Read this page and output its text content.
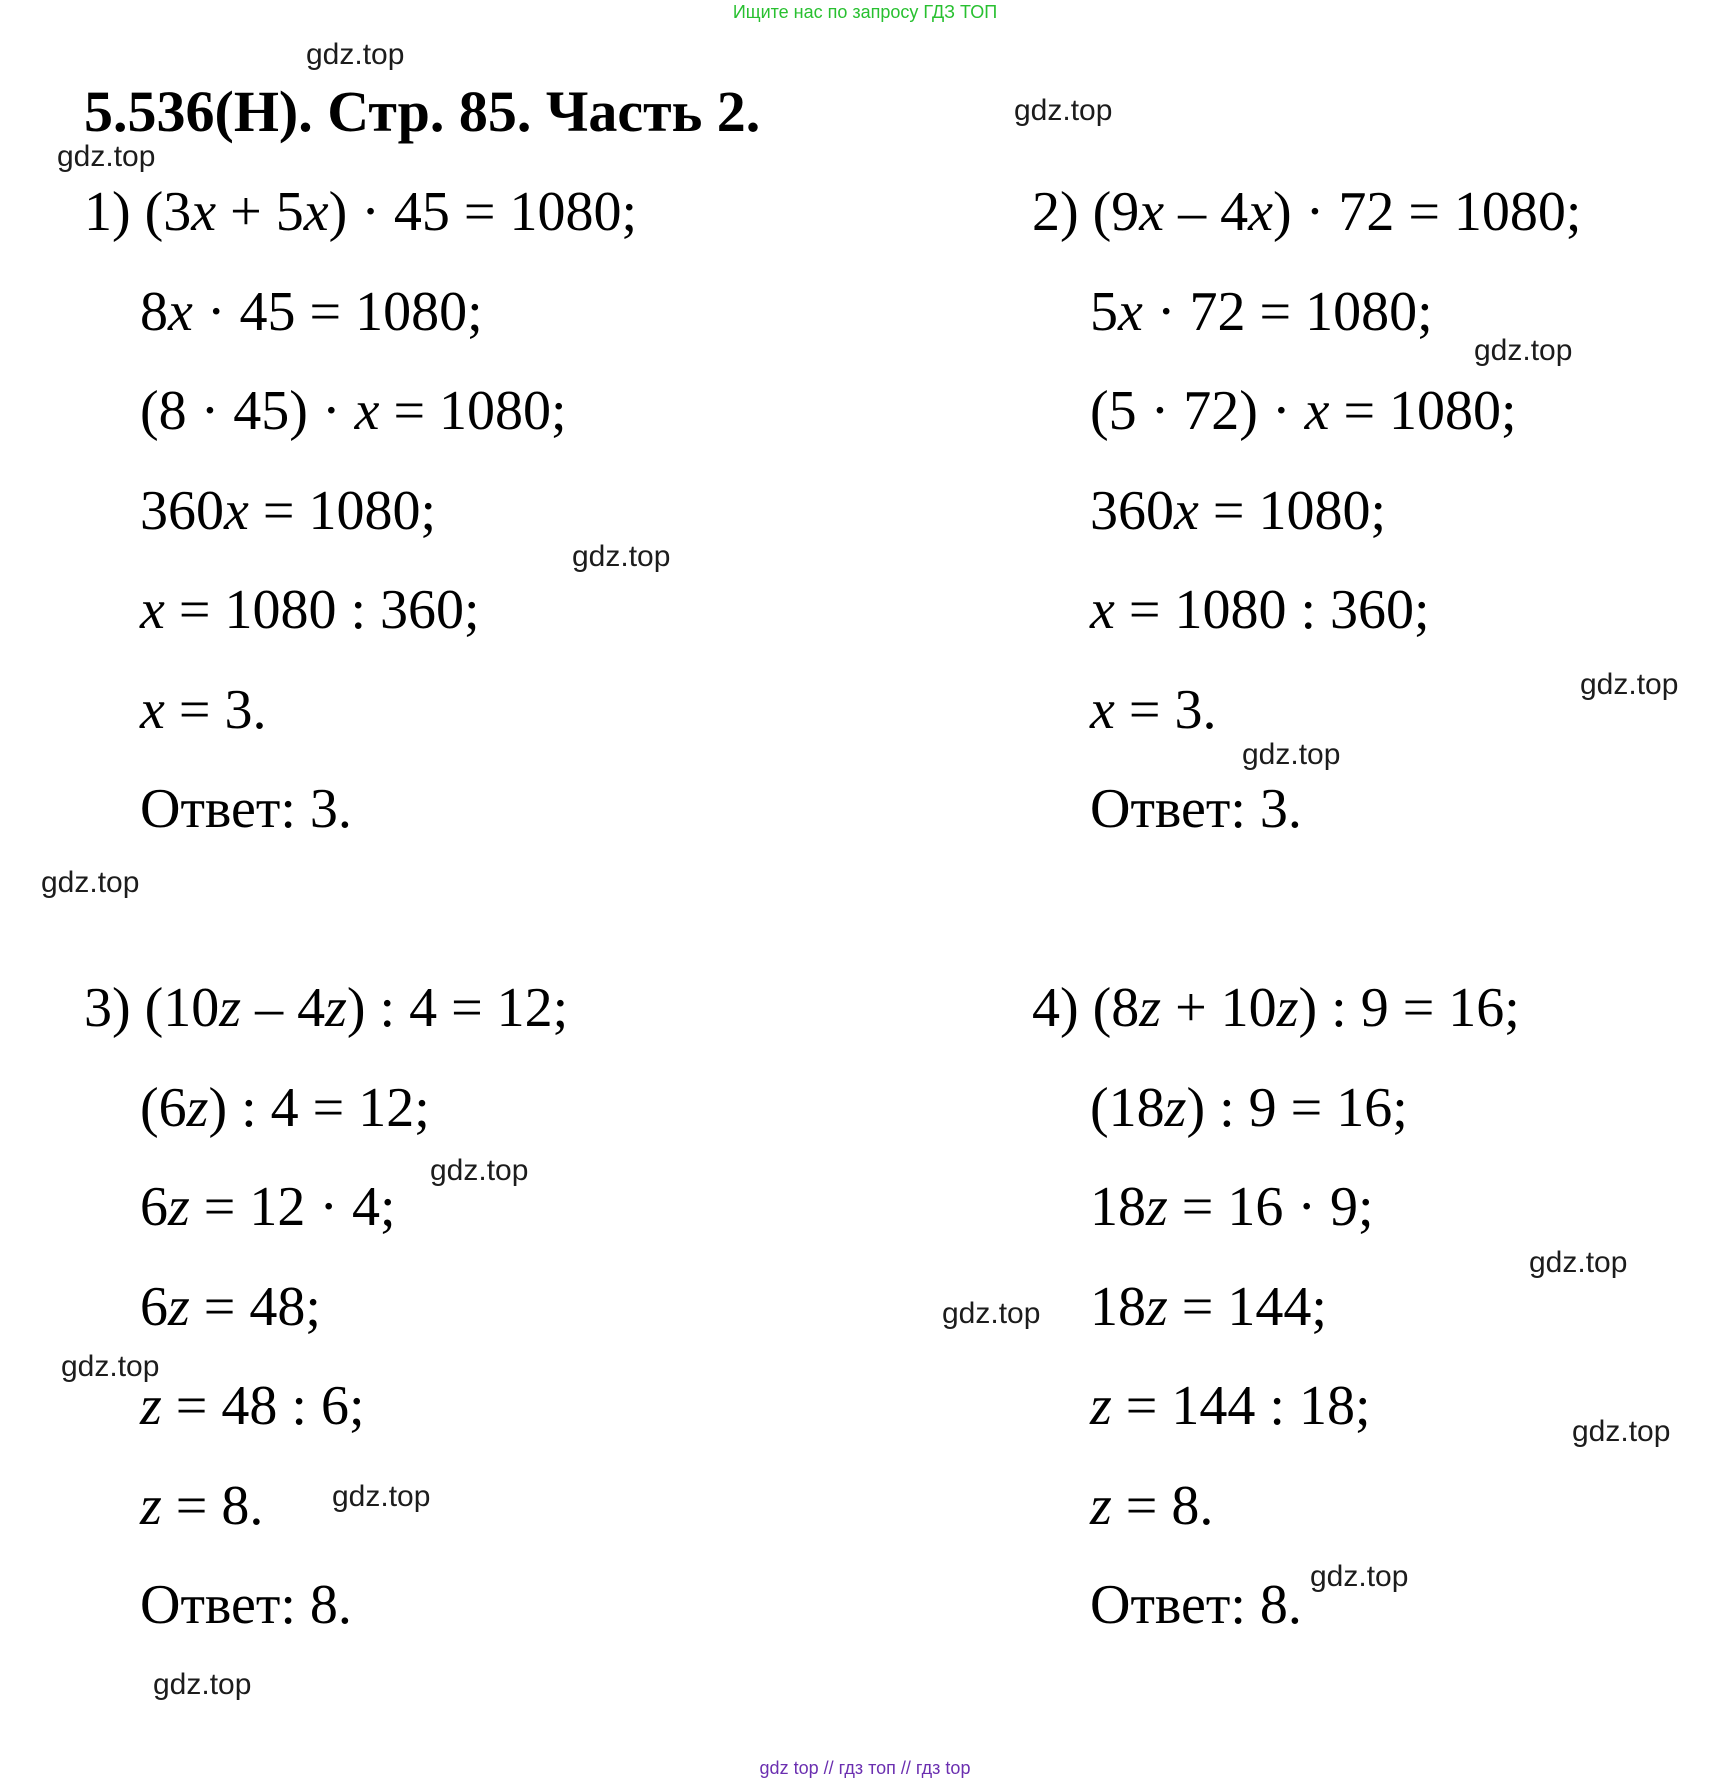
Ищите нас по запросу ГДЗ ТОП
5.536(Н). Стр. 85. Часть 2.
1) (3x + 5x) · 45 = 1080;
8x · 45 = 1080;
(8 · 45) · x = 1080;
360x = 1080;
x = 1080 : 360;
x = 3.
Ответ: 3.
2) (9x – 4x) · 72 = 1080;
5x · 72 = 1080;
(5 · 72) · x = 1080;
360x = 1080;
x = 1080 : 360;
x = 3.
Ответ: 3.
3) (10z – 4z) : 4 = 12;
(6z) : 4 = 12;
6z = 12 · 4;
6z = 48;
z = 48 : 6;
z = 8.
Ответ: 8.
4) (8z + 10z) : 9 = 16;
(18z) : 9 = 16;
18z = 16 · 9;
18z = 144;
z = 144 : 18;
z = 8.
Ответ: 8.
gdz.top
gdz.top
gdz.top
gdz.top
gdz.top
gdz.top
gdz.top
gdz.top
gdz.top
gdz.top
gdz.top
gdz.top
gdz.top
gdz.top
gdz.top
gdz.top
gdz top // гдз топ // гдз top
